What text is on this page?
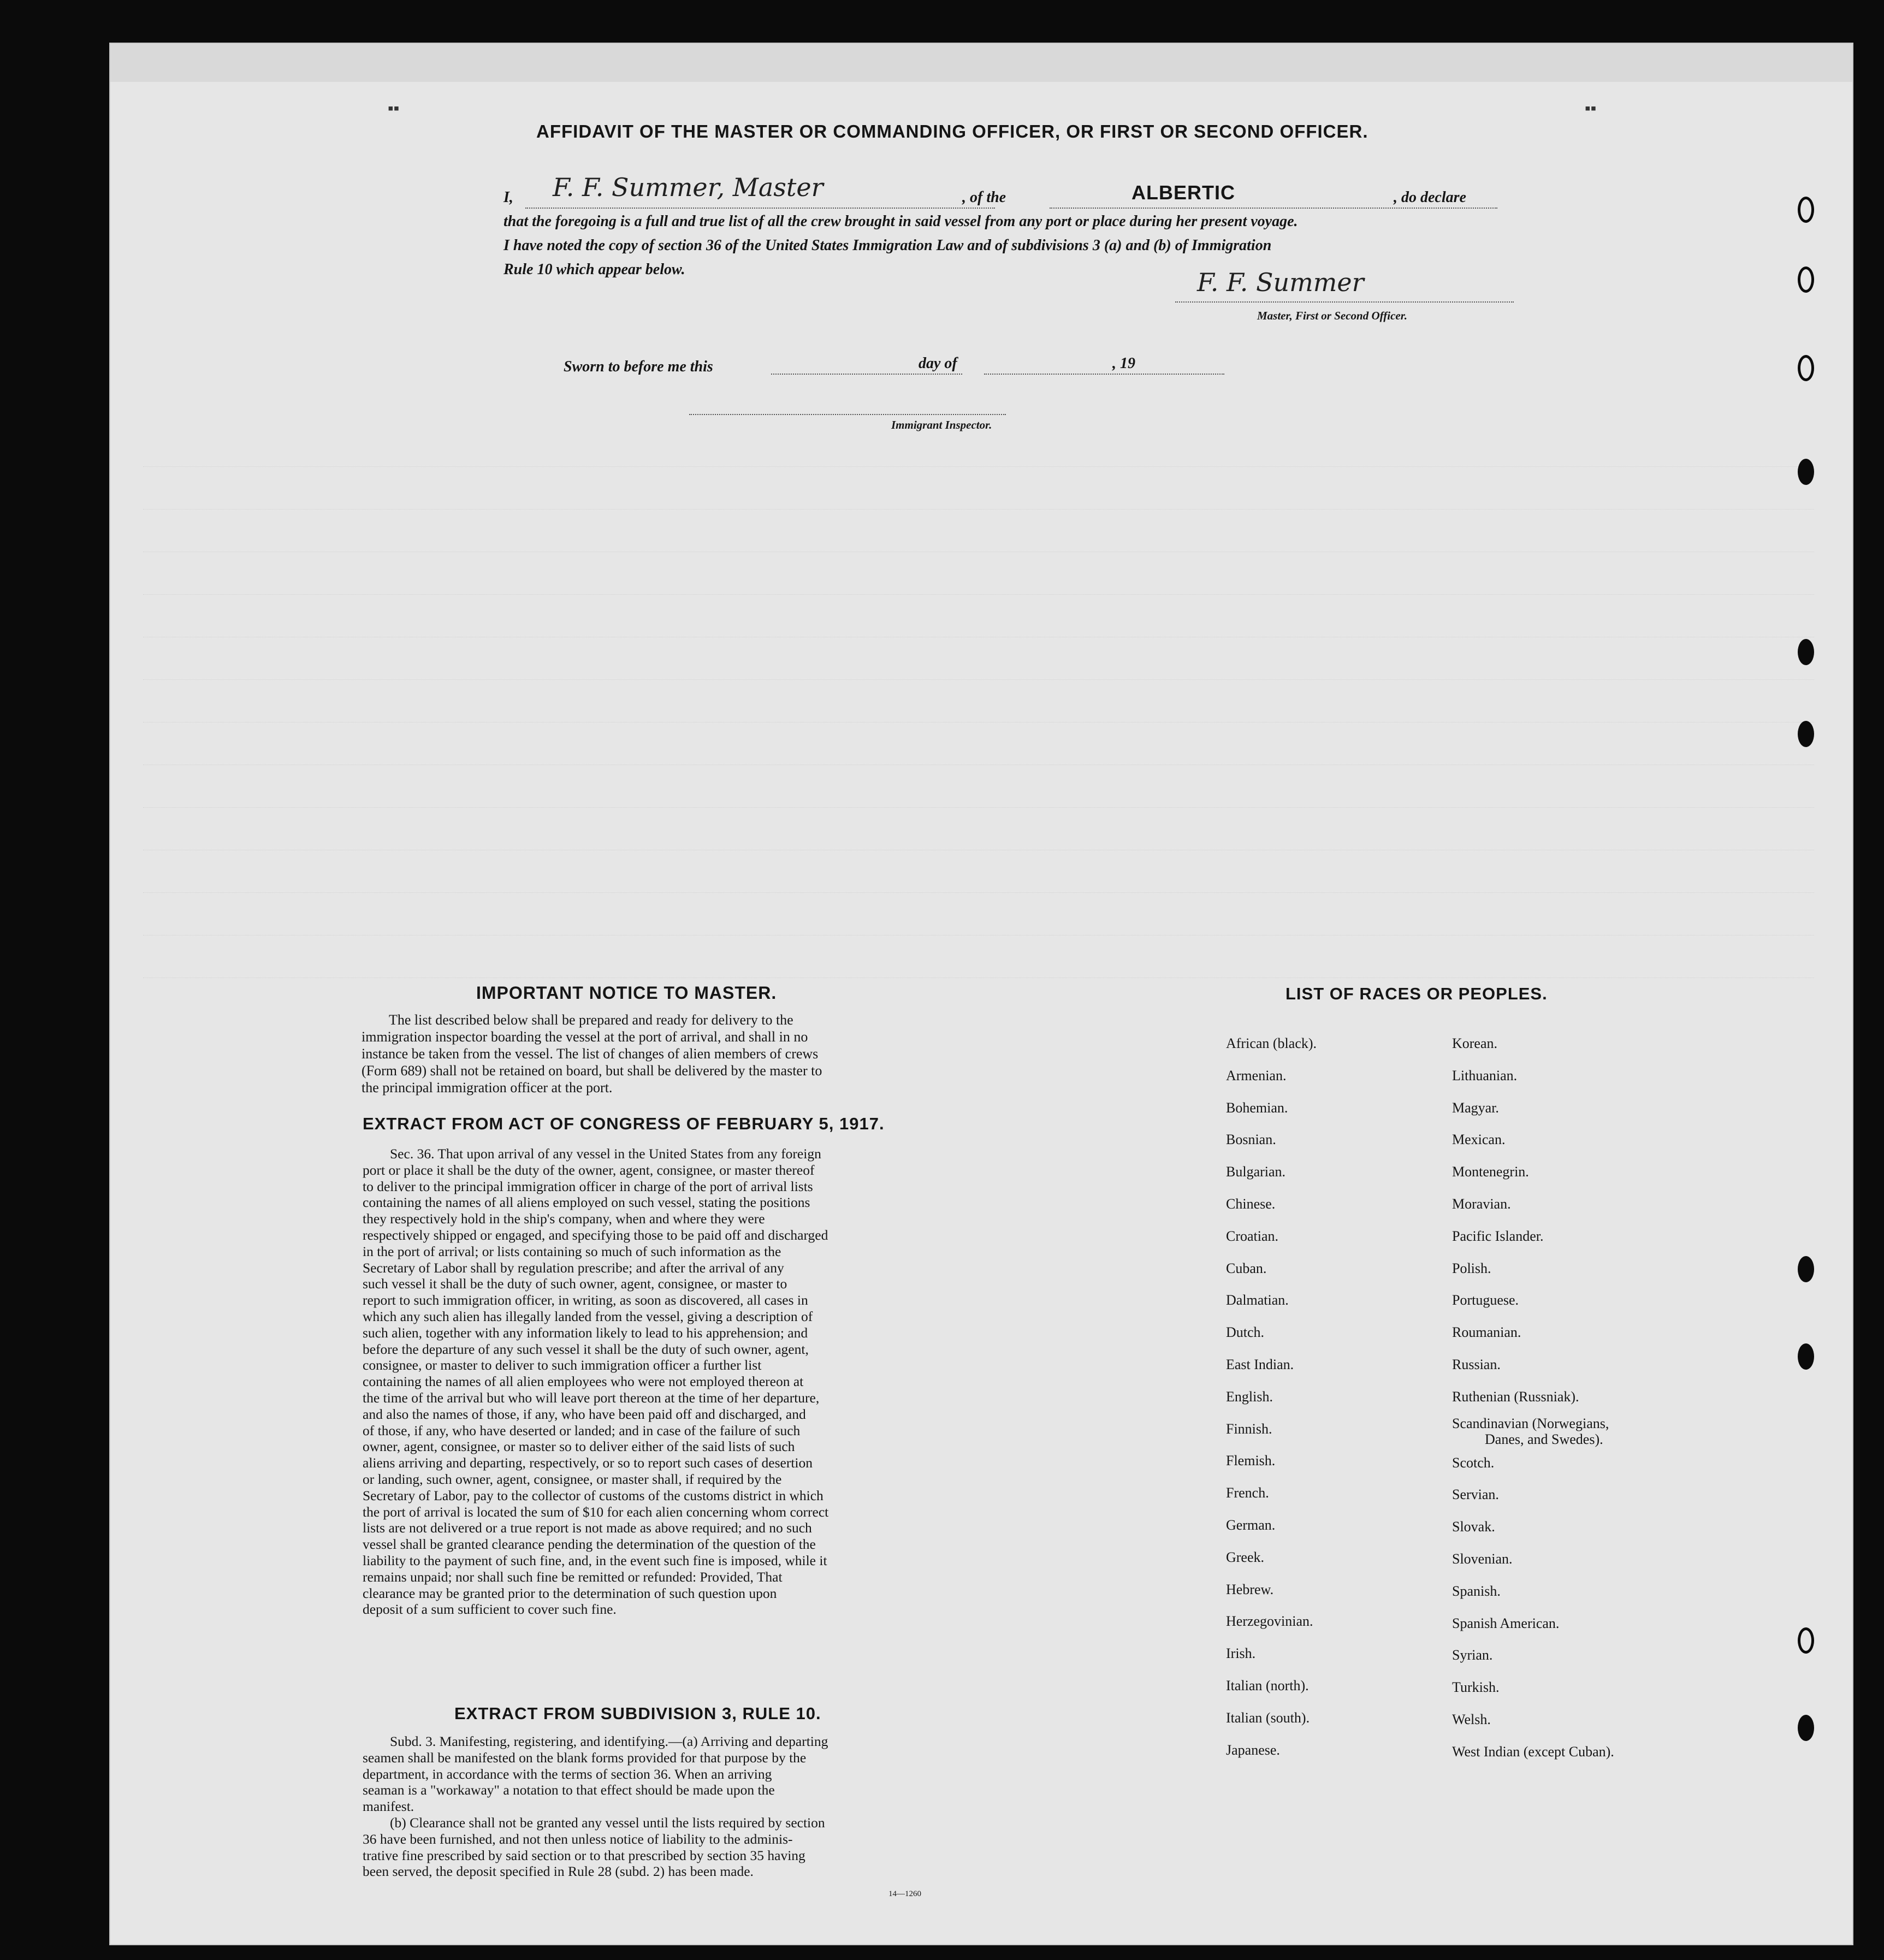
▪▪	▪▪
AFFIDAVIT OF THE MASTER OR COMMANDING OFFICER, OR FIRST OR SECOND OFFICER.
I, F. F. Summer, Master	, of the	ALBERTIC	, do declare
that the foregoing is a full and true list of all the crew brought in said vessel from any port or place during her present voyage.
I have noted the copy of section 36 of the United States Immigration Law and of subdivisions 3 (a) and (b) of Immigration
Rule 10 which appear below.	F. F. Summer
Master, First or Second Officer.
Sworn to before me this	day of	, 19
Immigrant Inspector.
IMPORTANT NOTICE TO MASTER.
The list described below shall be prepared and ready for delivery to the
immigration inspector boarding the vessel at the port of arrival, and shall in no
instance be taken from the vessel. The list of changes of alien members of crews
(Form 689) shall not be retained on board, but shall be delivered by the master to
the principal immigration officer at the port.
EXTRACT FROM ACT OF CONGRESS OF FEBRUARY 5, 1917.
Sec. 36. That upon arrival of any vessel in the United States from any foreign
port or place it shall be the duty of the owner, agent, consignee, or master thereof
to deliver to the principal immigration officer in charge of the port of arrival lists
containing the names of all aliens employed on such vessel, stating the positions
they respectively hold in the ship's company, when and where they were
respectively shipped or engaged, and specifying those to be paid off and discharged
in the port of arrival; or lists containing so much of such information as the
Secretary of Labor shall by regulation prescribe; and after the arrival of any
such vessel it shall be the duty of such owner, agent, consignee, or master to
report to such immigration officer, in writing, as soon as discovered, all cases in
which any such alien has illegally landed from the vessel, giving a description of
such alien, together with any information likely to lead to his apprehension; and
before the departure of any such vessel it shall be the duty of such owner, agent,
consignee, or master to deliver to such immigration officer a further list
containing the names of all alien employees who were not employed thereon at
the time of the arrival but who will leave port thereon at the time of her departure,
and also the names of those, if any, who have been paid off and discharged, and
of those, if any, who have deserted or landed; and in case of the failure of such
owner, agent, consignee, or master so to deliver either of the said lists of such
aliens arriving and departing, respectively, or so to report such cases of desertion
or landing, such owner, agent, consignee, or master shall, if required by the
Secretary of Labor, pay to the collector of customs of the customs district in which
the port of arrival is located the sum of $10 for each alien concerning whom correct
lists are not delivered or a true report is not made as above required; and no such
vessel shall be granted clearance pending the determination of the question of the
liability to the payment of such fine, and, in the event such fine is imposed, while it
remains unpaid; nor shall such fine be remitted or refunded: Provided, That
clearance may be granted prior to the determination of such question upon
deposit of a sum sufficient to cover such fine.
EXTRACT FROM SUBDIVISION 3, RULE 10.
Subd. 3. Manifesting, registering, and identifying.—(a) Arriving and departing
seamen shall be manifested on the blank forms provided for that purpose by the
department, in accordance with the terms of section 36. When an arriving
seaman is a "workaway" a notation to that effect should be made upon the
manifest.
(b) Clearance shall not be granted any vessel until the lists required by section
36 have been furnished, and not then unless notice of liability to the adminis-
trative fine prescribed by said section or to that prescribed by section 35 having
been served, the deposit specified in Rule 28 (subd. 2) has been made.
14—1260
LIST OF RACES OR PEOPLES.
African (black).
Armenian.
Bohemian.
Bosnian.
Bulgarian.
Chinese.
Croatian.
Cuban.
Dalmatian.
Dutch.
East Indian.
English.
Finnish.
Flemish.
French.
German.
Greek.
Hebrew.
Herzegovinian.
Irish.
Italian (north).
Italian (south).
Japanese.
Korean.
Lithuanian.
Magyar.
Mexican.
Montenegrin.
Moravian.
Pacific Islander.
Polish.
Portuguese.
Roumanian.
Russian.
Ruthenian (Russniak).
Scandinavian (Norwegians,
Danes, and Swedes).
Scotch.
Servian.
Slovak.
Slovenian.
Spanish.
Spanish American.
Syrian.
Turkish.
Welsh.
West Indian (except Cuban).
